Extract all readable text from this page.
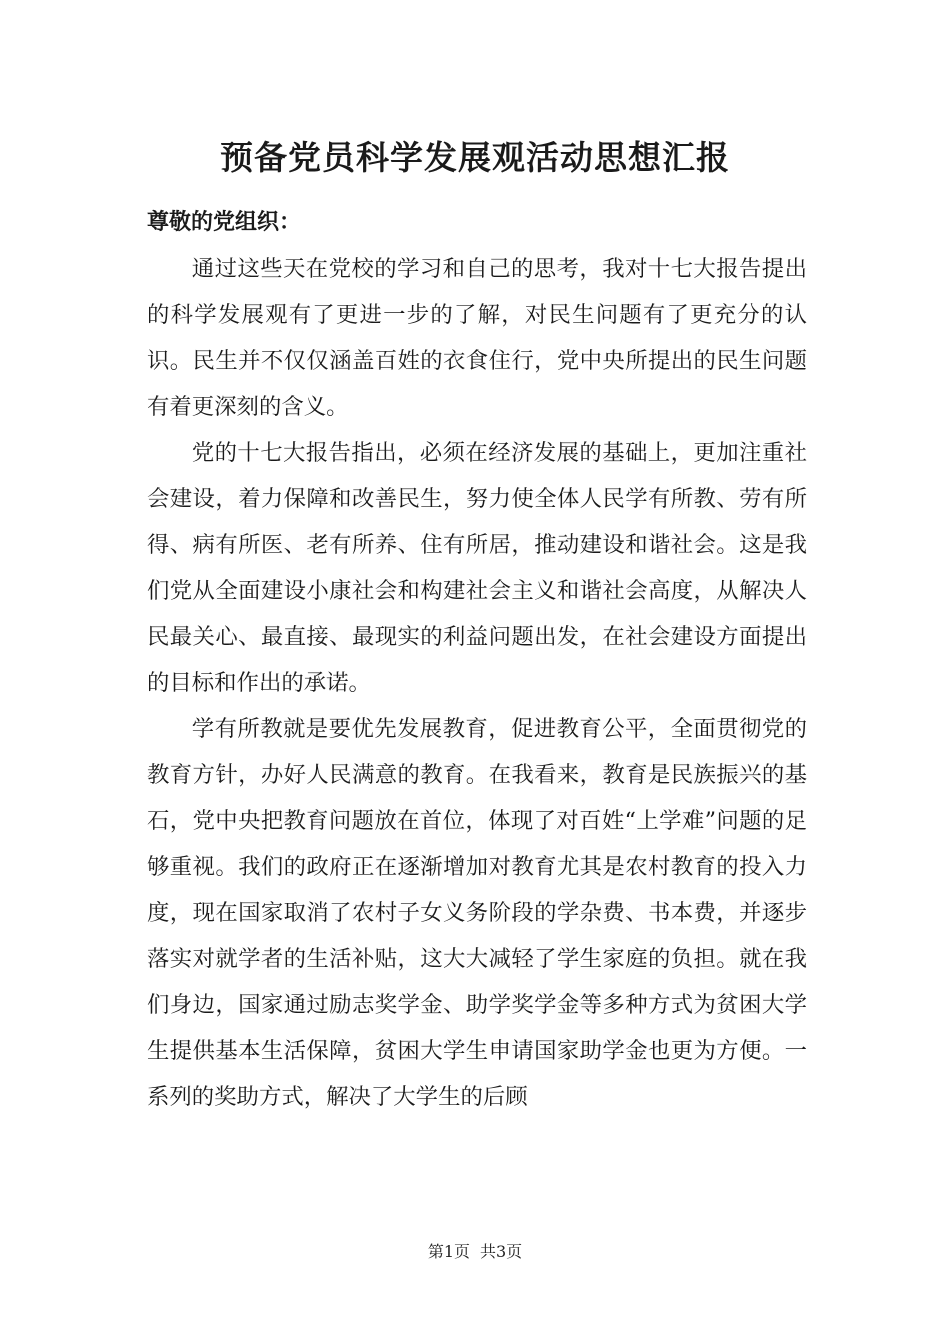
预备党员科学发展观活动思想汇报

尊敬的党组织：

通过这些天在党校的学习和自己的思考，我对十七大报告提出的科学发展观有了更进一步的了解，对民生问题有了更充分的认识。民生并不仅仅涵盖百姓的衣食住行，党中央所提出的民生问题有着更深刻的含义。

党的十七大报告指出，必须在经济发展的基础上，更加注重社会建设，着力保障和改善民生，努力使全体人民学有所教、劳有所得、病有所医、老有所养、住有所居，推动建设和谐社会。这是我们党从全面建设小康社会和构建社会主义和谐社会高度，从解决人民最关心、最直接、最现实的利益问题出发，在社会建设方面提出的目标和作出的承诺。

学有所教就是要优先发展教育，促进教育公平，全面贯彻党的教育方针，办好人民满意的教育。在我看来，教育是民族振兴的基石，党中央把教育问题放在首位，体现了对百姓“上学难”问题的足够重视。我们的政府正在逐渐增加对教育尤其是农村教育的投入力度，现在国家取消了农村子女义务阶段的学杂费、书本费，并逐步落实对就学者的生活补贴，这大大减轻了学生家庭的负担。就在我们身边，国家通过励志奖学金、助学奖学金等多种方式为贫困大学生提供基本生活保障，贫困大学生申请国家助学金也更为方便。一系列的奖助方式，解决了大学生的后顾

第1页 共3页
